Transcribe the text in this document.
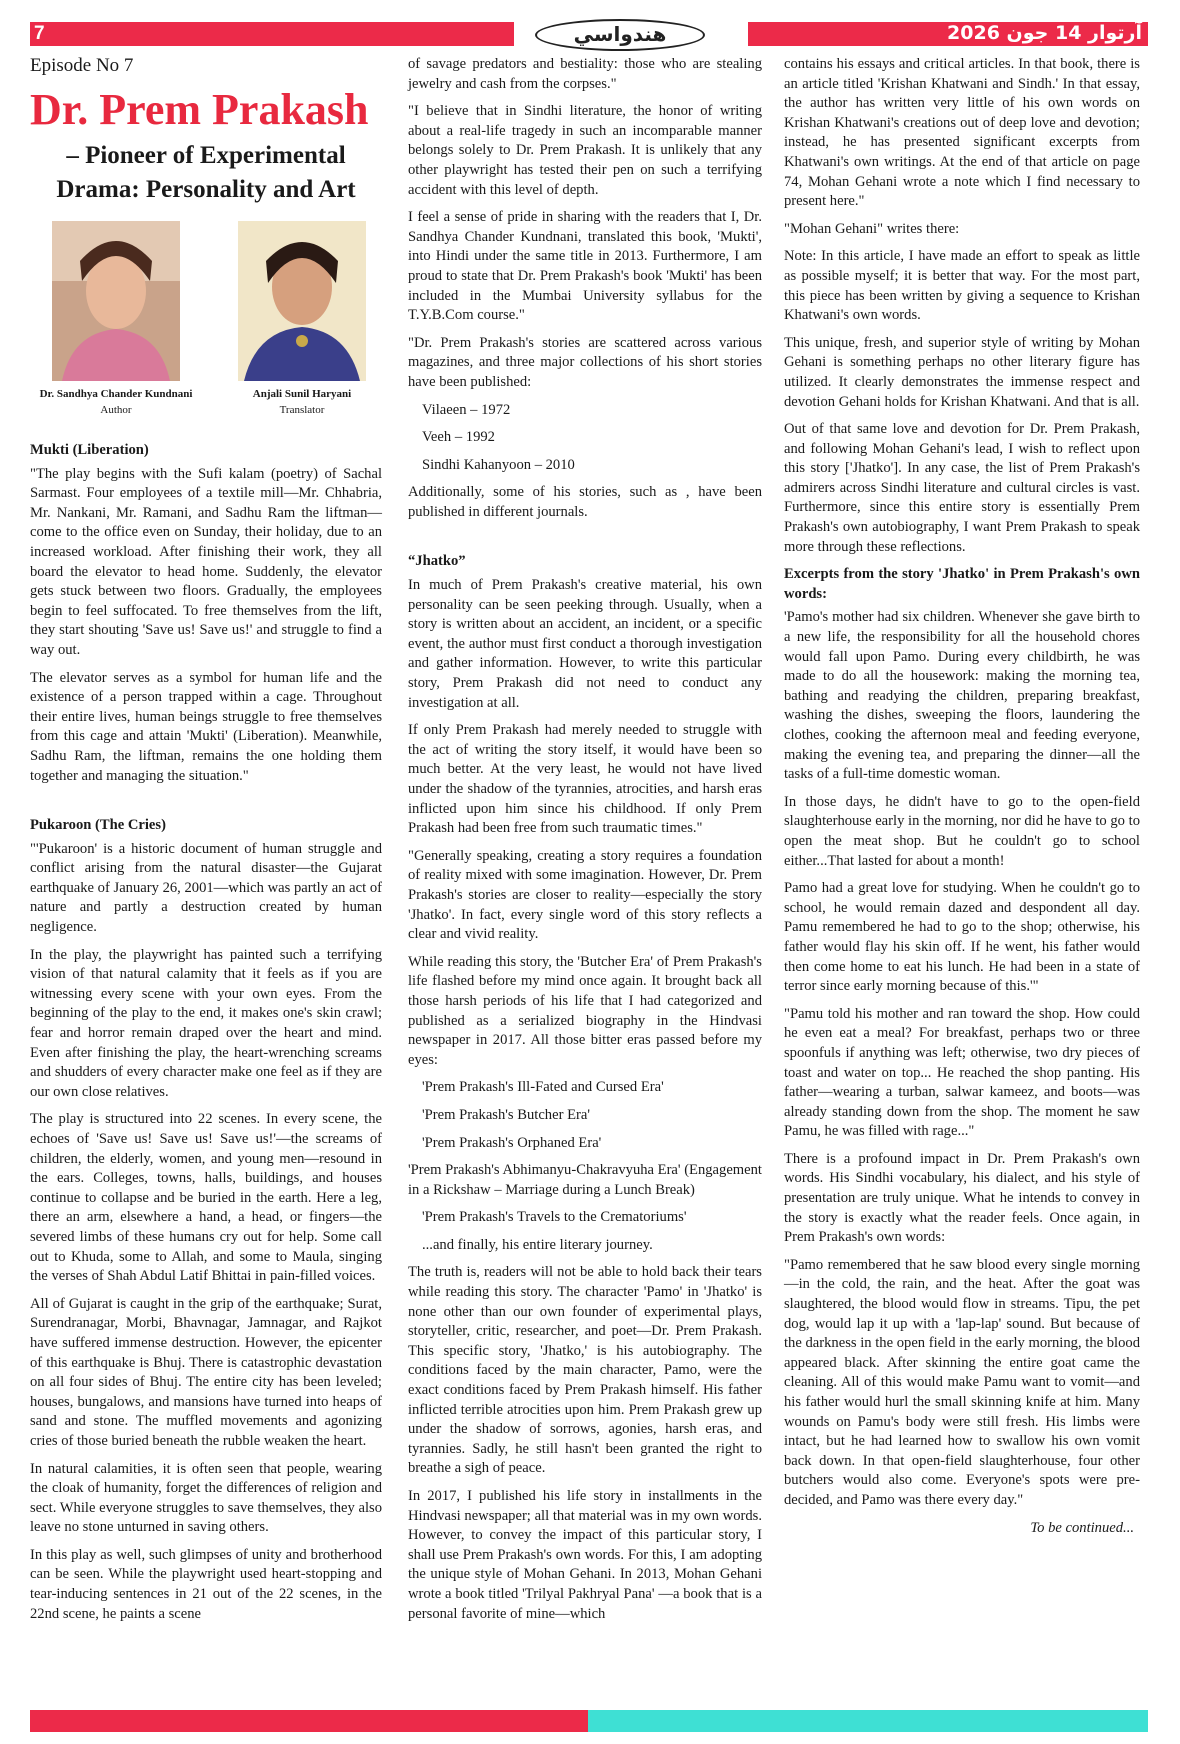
7	هندواسي	آرتوار 14 جون 2026

Episode No 7

Dr. Prem Prakash
– Pioneer of Experimental Drama: Personality and Art
Dr. Sandhya Chander Kundnani
Author
Anjali Sunil Haryani
Translator
Mukti (Liberation)

"The play begins with the Sufi kalam (poetry) of Sachal Sarmast. Four employees of a textile mill—Mr. Chhabria, Mr. Nankani, Mr. Ramani, and Sadhu Ram the liftman—come to the office even on Sunday, their holiday, due to an increased workload. After finishing their work, they all board the elevator to head home. Suddenly, the elevator gets stuck between two floors. Gradually, the employees begin to feel suffocated. To free themselves from the lift, they start shouting 'Save us! Save us!' and struggle to find a way out.

The elevator serves as a symbol for human life and the existence of a person trapped within a cage. Throughout their entire lives, human beings struggle to free themselves from this cage and attain 'Mukti' (Liberation). Meanwhile, Sadhu Ram, the liftman, remains the one holding them together and managing the situation."

Pukaroon (The Cries)

"'Pukaroon' is a historic document of human struggle and conflict arising from the natural disaster—the Gujarat earthquake of January 26, 2001—which was partly an act of nature and partly a destruction created by human negligence.

In the play, the playwright has painted such a terrifying vision of that natural calamity that it feels as if you are witnessing every scene with your own eyes. From the beginning of the play to the end, it makes one's skin crawl; fear and horror remain draped over the heart and mind. Even after finishing the play, the heart-wrenching screams and shudders of every character make one feel as if they are our own close relatives.

The play is structured into 22 scenes. In every scene, the echoes of 'Save us! Save us! Save us!'—the screams of children, the elderly, women, and young men—resound in the ears. Colleges, towns, halls, buildings, and houses continue to collapse and be buried in the earth. Here a leg, there an arm, elsewhere a hand, a head, or fingers—the severed limbs of these humans cry out for help. Some call out to Khuda, some to Allah, and some to Maula, singing the verses of Shah Abdul Latif Bhittai in pain-filled voices.

All of Gujarat is caught in the grip of the earthquake; Surat, Surendranagar, Morbi, Bhavnagar, Jamnagar, and Rajkot have suffered immense destruction. However, the epicenter of this earthquake is Bhuj. There is catastrophic devastation on all four sides of Bhuj. The entire city has been leveled; houses, bungalows, and mansions have turned into heaps of sand and stone. The muffled movements and agonizing cries of those buried beneath the rubble weaken the heart.

In natural calamities, it is often seen that people, wearing the cloak of humanity, forget the differences of religion and sect. While everyone struggles to save themselves, they also leave no stone unturned in saving others.

In this play as well, such glimpses of unity and brotherhood can be seen. While the playwright used heart-stopping and tear-inducing sentences in 21 out of the 22 scenes, in the 22nd scene, he paints a scene

of savage predators and bestiality: those who are stealing jewelry and cash from the corpses."

"I believe that in Sindhi literature, the honor of writing about a real-life tragedy in such an incomparable manner belongs solely to Dr. Prem Prakash. It is unlikely that any other playwright has tested their pen on such a terrifying accident with this level of depth.

I feel a sense of pride in sharing with the readers that I, Dr. Sandhya Chander Kundnani, translated this book, 'Mukti', into Hindi under the same title in 2013. Furthermore, I am proud to state that Dr. Prem Prakash's book 'Mukti' has been included in the Mumbai University syllabus for the T.Y.B.Com course."

"Dr. Prem Prakash's stories are scattered across various magazines, and three major collections of his short stories have been published:

Vilaeen – 1972

Veeh – 1992

Sindhi Kahanyoon – 2010

Additionally, some of his stories, such as , have been published in different journals.

“Jhatko”

In much of Prem Prakash's creative material, his own personality can be seen peeking through. Usually, when a story is written about an accident, an incident, or a specific event, the author must first conduct a thorough investigation and gather information. However, to write this particular story, Prem Prakash did not need to conduct any investigation at all.

If only Prem Prakash had merely needed to struggle with the act of writing the story itself, it would have been so much better. At the very least, he would not have lived under the shadow of the tyrannies, atrocities, and harsh eras inflicted upon him since his childhood. If only Prem Prakash had been free from such traumatic times."

"Generally speaking, creating a story requires a foundation of reality mixed with some imagination. However, Dr. Prem Prakash's stories are closer to reality—especially the story 'Jhatko'. In fact, every single word of this story reflects a clear and vivid reality.

While reading this story, the 'Butcher Era' of Prem Prakash's life flashed before my mind once again. It brought back all those harsh periods of his life that I had categorized and published as a serialized biography in the Hindvasi newspaper in 2017. All those bitter eras passed before my eyes:

'Prem Prakash's Ill-Fated and Cursed Era'

'Prem Prakash's Butcher Era'

'Prem Prakash's Orphaned Era'

'Prem Prakash's Abhimanyu-Chakravyuha Era' (Engagement in a Rickshaw – Marriage during a Lunch Break)

'Prem Prakash's Travels to the Crematoriums'

...and finally, his entire literary journey.

The truth is, readers will not be able to hold back their tears while reading this story. The character 'Pamo' in 'Jhatko' is none other than our own founder of experimental plays, storyteller, critic, researcher, and poet—Dr. Prem Prakash. This specific story, 'Jhatko,' is his autobiography. The conditions faced by the main character, Pamo, were the exact conditions faced by Prem Prakash himself. His father inflicted terrible atrocities upon him. Prem Prakash grew up under the shadow of sorrows, agonies, harsh eras, and tyrannies. Sadly, he still hasn't been granted the right to breathe a sigh of peace.

In 2017, I published his life story in installments in the Hindvasi newspaper; all that material was in my own words. However, to convey the impact of this particular story, I shall use Prem Prakash's own words. For this, I am adopting the unique style of Mohan Gehani. In 2013, Mohan Gehani wrote a book titled 'Trilyal Pakhryal Pana' —a book that is a personal favorite of mine—which

contains his essays and critical articles. In that book, there is an article titled 'Krishan Khatwani and Sindh.' In that essay, the author has written very little of his own words on Krishan Khatwani's creations out of deep love and devotion; instead, he has presented significant excerpts from Khatwani's own writings. At the end of that article on page 74, Mohan Gehani wrote a note which I find necessary to present here."

"Mohan Gehani" writes there:

Note: In this article, I have made an effort to speak as little as possible myself; it is better that way. For the most part, this piece has been written by giving a sequence to Krishan Khatwani's own words.

This unique, fresh, and superior style of writing by Mohan Gehani is something perhaps no other literary figure has utilized. It clearly demonstrates the immense respect and devotion Gehani holds for Krishan Khatwani. And that is all.

Out of that same love and devotion for Dr. Prem Prakash, and following Mohan Gehani's lead, I wish to reflect upon this story ['Jhatko']. In any case, the list of Prem Prakash's admirers across Sindhi literature and cultural circles is vast. Furthermore, since this entire story is essentially Prem Prakash's own autobiography, I want Prem Prakash to speak more through these reflections.

Excerpts from the story 'Jhatko' in Prem Prakash's own words:

'Pamo's mother had six children. Whenever she gave birth to a new life, the responsibility for all the household chores would fall upon Pamo. During every childbirth, he was made to do all the housework: making the morning tea, bathing and readying the children, preparing breakfast, washing the dishes, sweeping the floors, laundering the clothes, cooking the afternoon meal and feeding everyone, making the evening tea, and preparing the dinner—all the tasks of a full-time domestic woman.

In those days, he didn't have to go to the open-field slaughterhouse early in the morning, nor did he have to go to open the meat shop. But he couldn't go to school either...That lasted for about a month!

Pamo had a great love for studying. When he couldn't go to school, he would remain dazed and despondent all day. Pamu remembered he had to go to the shop; otherwise, his father would flay his skin off. If he went, his father would then come home to eat his lunch. He had been in a state of terror since early morning because of this.'"

"Pamu told his mother and ran toward the shop. How could he even eat a meal? For breakfast, perhaps two or three spoonfuls if anything was left; otherwise, two dry pieces of toast and water on top... He reached the shop panting. His father—wearing a turban, salwar kameez, and boots—was already standing down from the shop. The moment he saw Pamu, he was filled with rage..."

There is a profound impact in Dr. Prem Prakash's own words. His Sindhi vocabulary, his dialect, and his style of presentation are truly unique. What he intends to convey in the story is exactly what the reader feels. Once again, in Prem Prakash's own words:

"Pamo remembered that he saw blood every single morning—in the cold, the rain, and the heat. After the goat was slaughtered, the blood would flow in streams. Tipu, the pet dog, would lap it up with a 'lap-lap' sound. But because of the darkness in the open field in the early morning, the blood appeared black. After skinning the entire goat came the cleaning. All of this would make Pamu want to vomit—and his father would hurl the small skinning knife at him. Many wounds on Pamu's body were still fresh. His limbs were intact, but he had learned how to swallow his own vomit back down. In that open-field slaughterhouse, four other butchers would also come. Everyone's spots were pre-decided, and Pamo was there every day."

To be continued...
